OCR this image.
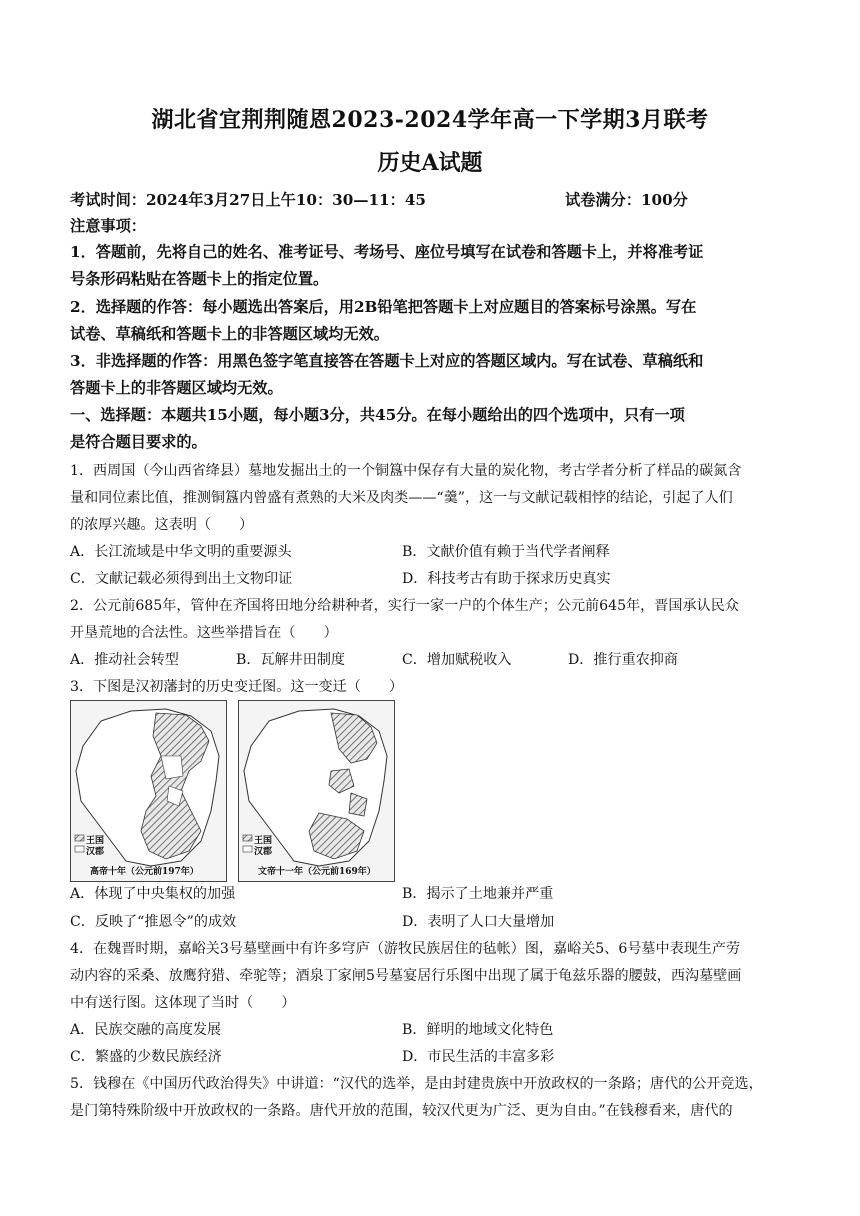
湖北省宜荆荆随恩2023-2024学年高一下学期3月联考
历史A试题
考试时间：2024年3月27日上午10：30—11：45	试卷满分：100分
注意事项：
1．答题前，先将自己的姓名、准考证号、考场号、座位号填写在试卷和答题卡上，并将准考证
号条形码粘贴在答题卡上的指定位置。
2．选择题的作答：每小题选出答案后，用2B铅笔把答题卡上对应题目的答案标号涂黑。写在
试卷、草稿纸和答题卡上的非答题区域均无效。
3．非选择题的作答：用黑色签字笔直接答在答题卡上对应的答题区域内。写在试卷、草稿纸和
答题卡上的非答题区域均无效。
一、选择题：本题共15小题，每小题3分，共45分。在每小题给出的四个选项中，只有一项
是符合题目要求的。
1．西周国（今山西省绛县）墓地发掘出土的一个铜簋中保存有大量的炭化物，考古学者分析了样品的碳氮含
量和同位素比值，推测铜簋内曾盛有煮熟的大米及肉类——“羹”，这一与文献记载相悖的结论，引起了人们
的浓厚兴趣。这表明（　　）
A．长江流域是中华文明的重要源头	B．文献价值有赖于当代学者阐释
C．文献记载必须得到出土文物印证	D．科技考古有助于探求历史真实
2．公元前685年，管仲在齐国将田地分给耕种者，实行一家一户的个体生产；公元前645年，晋国承认民众
开垦荒地的合法性。这些举措旨在（　　）
A．推动社会转型	B．瓦解井田制度	C．增加赋税收入	D．推行重农抑商
3．下图是汉初藩封的历史变迁图。这一变迁（　　）
王国
汉郡
高帝十年（公元前197年）
王国
汉郡
文帝十一年（公元前169年）
A．体现了中央集权的加强	B．揭示了土地兼并严重
C．反映了“推恩令”的成效	D．表明了人口大量增加
4．在魏晋时期，嘉峪关3号墓壁画中有许多穹庐（游牧民族居住的毡帐）图，嘉峪关5、6号墓中表现生产劳
动内容的采桑、放鹰狩猎、牵驼等；酒泉丁家闸5号墓宴居行乐图中出现了属于龟兹乐器的腰鼓，西沟墓壁画
中有送行图。这体现了当时（　　）
A．民族交融的高度发展	B．鲜明的地域文化特色
C．繁盛的少数民族经济	D．市民生活的丰富多彩
5．钱穆在《中国历代政治得失》中讲道：“汉代的选举，是由封建贵族中开放政权的一条路；唐代的公开竞选，
是门第特殊阶级中开放政权的一条路。唐代开放的范围，较汉代更为广泛、更为自由。”在钱穆看来，唐代的
